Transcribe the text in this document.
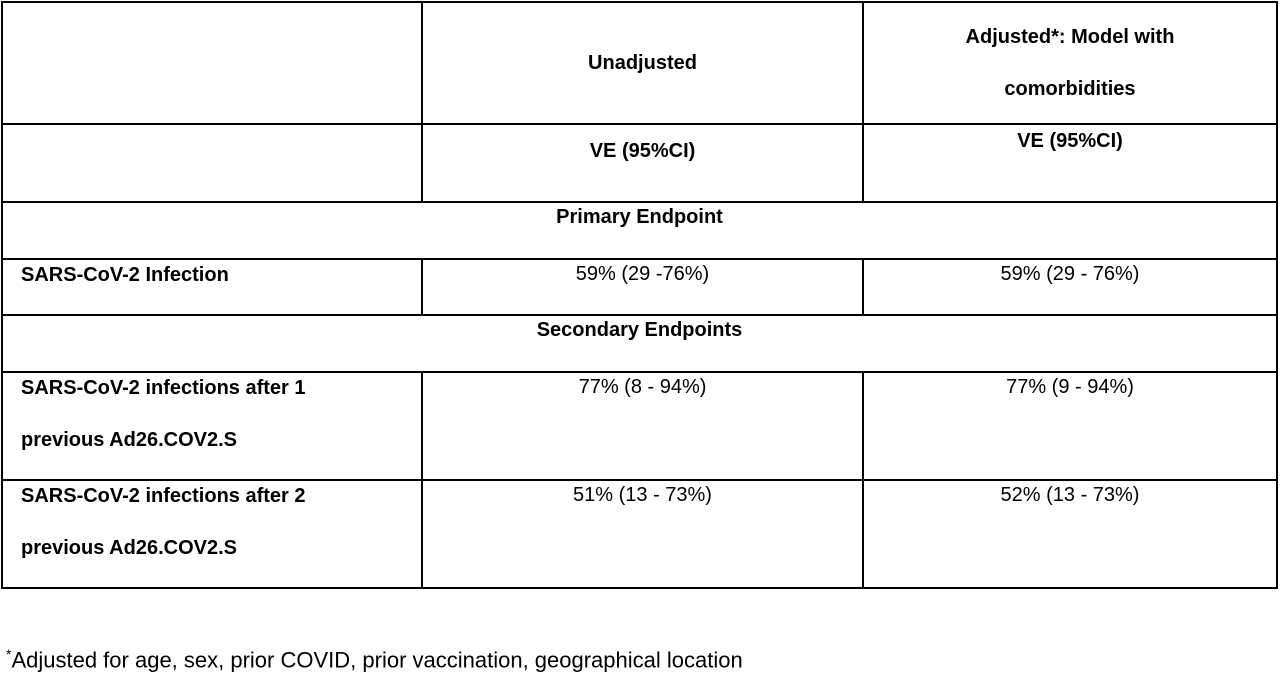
	Unadjusted	Adjusted*: Model with
comorbidities

	VE (95%CI)	VE (95%CI)
Primary Endpoint		

SARS-CoV-2 Infection	59% (29 -76%)	59% (29 - 76%)
Secondary Endpoints		

SARS-CoV-2 infections after 1
previous Ad26.COV2.S	77% (8 - 94%)	77% (9 - 94%)

SARS-CoV-2 infections after 2
previous Ad26.COV2.S	51% (13 - 73%)	52% (13 - 73%)
*Adjusted for age, sex, prior COVID, prior vaccination, geographical location
